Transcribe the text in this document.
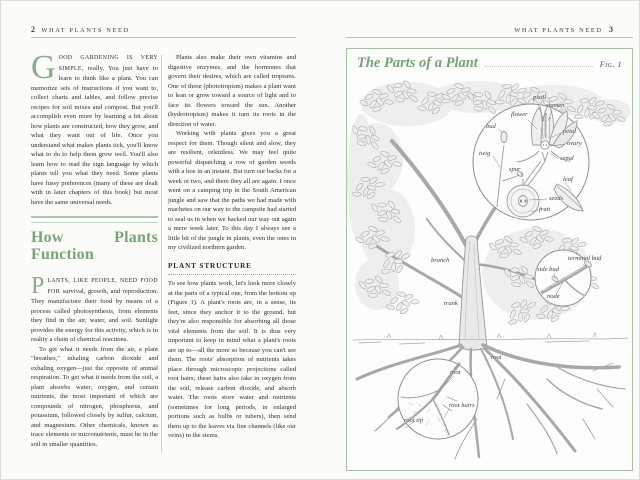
2 WHAT PLANTS NEED

GOOD GARDENING IS VERY SIMPLE, really. You just have to learn to think like a plant. You can memorize sets of instructions if you want to, collect charts and tables, and follow precise recipes for soil mixes and compost. But you'll accomplish even more by learning a bit about how plants are constructed, how they grow, and what they want out of life. Once you understand what makes plants tick, you'll know what to do to help them grow well. You'll also learn how to read the sign language by which plants tell you what they need. Some plants have fussy preferences (many of these are dealt with in later chapters of this book) but most have the same universal needs.

How Plants Function

PLANTS, LIKE PEOPLE, NEED FOOD FOR survival, growth, and reproduction. They manufacture their food by means of a process called photosynthesis, from elements they find in the air, water, and soil. Sunlight provides the energy for this activity, which is in reality a chain of chemical reactions.

To get what it needs from the air, a plant "breathes," inhaling carbon dioxide and exhaling oxygen—just the opposite of animal respiration. To get what it needs from the soil, a plant absorbs water, oxygen, and certain nutrients, the most important of which are compounds of nitrogen, phosphorus, and potassium, followed closely by sulfur, calcium, and magnesium. Other chemicals, known as trace elements or micronutrients, must be in the soil in smaller quantities.

Plants also make their own vitamins and digestive enzymes, and the hormones that govern their desires, which are called tropisms. One of these (phototropism) makes a plant want to lean or grow toward a source of light and to face its flowers toward the sun. Another (hydrotropism) makes it turn its roots in the direction of water.

Working with plants gives you a great respect for them. Though silent and slow, they are resilient, relentless. We may feel quite powerful dispatching a row of garden weeds with a hoe in an instant. But turn our backs for a week or two, and there they all are again. I once went on a camping trip in the South American jungle and saw that the paths we had made with machetes on our way to the campsite had started to seal us in when we hacked our way out again a mere week later. To this day I always see a little bit of the jungle in plants, even the ones in my civilized northern garden.

PLANT STRUCTURE

To see how plants work, let's look more closely at the parts of a typical one, from the bottom up (Figure 1). A plant's roots are, in a sense, its feet, since they anchor it to the ground, but they're also responsible for absorbing all those vital elements from the soil. It is thus very important to keep in mind what a plant's roots are up to—all the more so because you can't see them. The roots' absorption of nutrients takes place through microscopic projections called root hairs; these hairs also take in oxygen from the soil, release carbon dioxide, and absorb water. The roots store water and nutrients (sometimes for long periods, in enlarged portions such as bulbs or tubers), then send them up to the leaves via fine channels (like our veins) in the stems.

WHAT PLANTS NEED 3
The Parts of a Plant	Fig. 1
pistil
stamen
flower
bud
petal
ovary
twig
sepal
spur
leaf
seeds
fruit
branch
trunk
root
terminal bud
side bud
node
root
root hairs
root tip
